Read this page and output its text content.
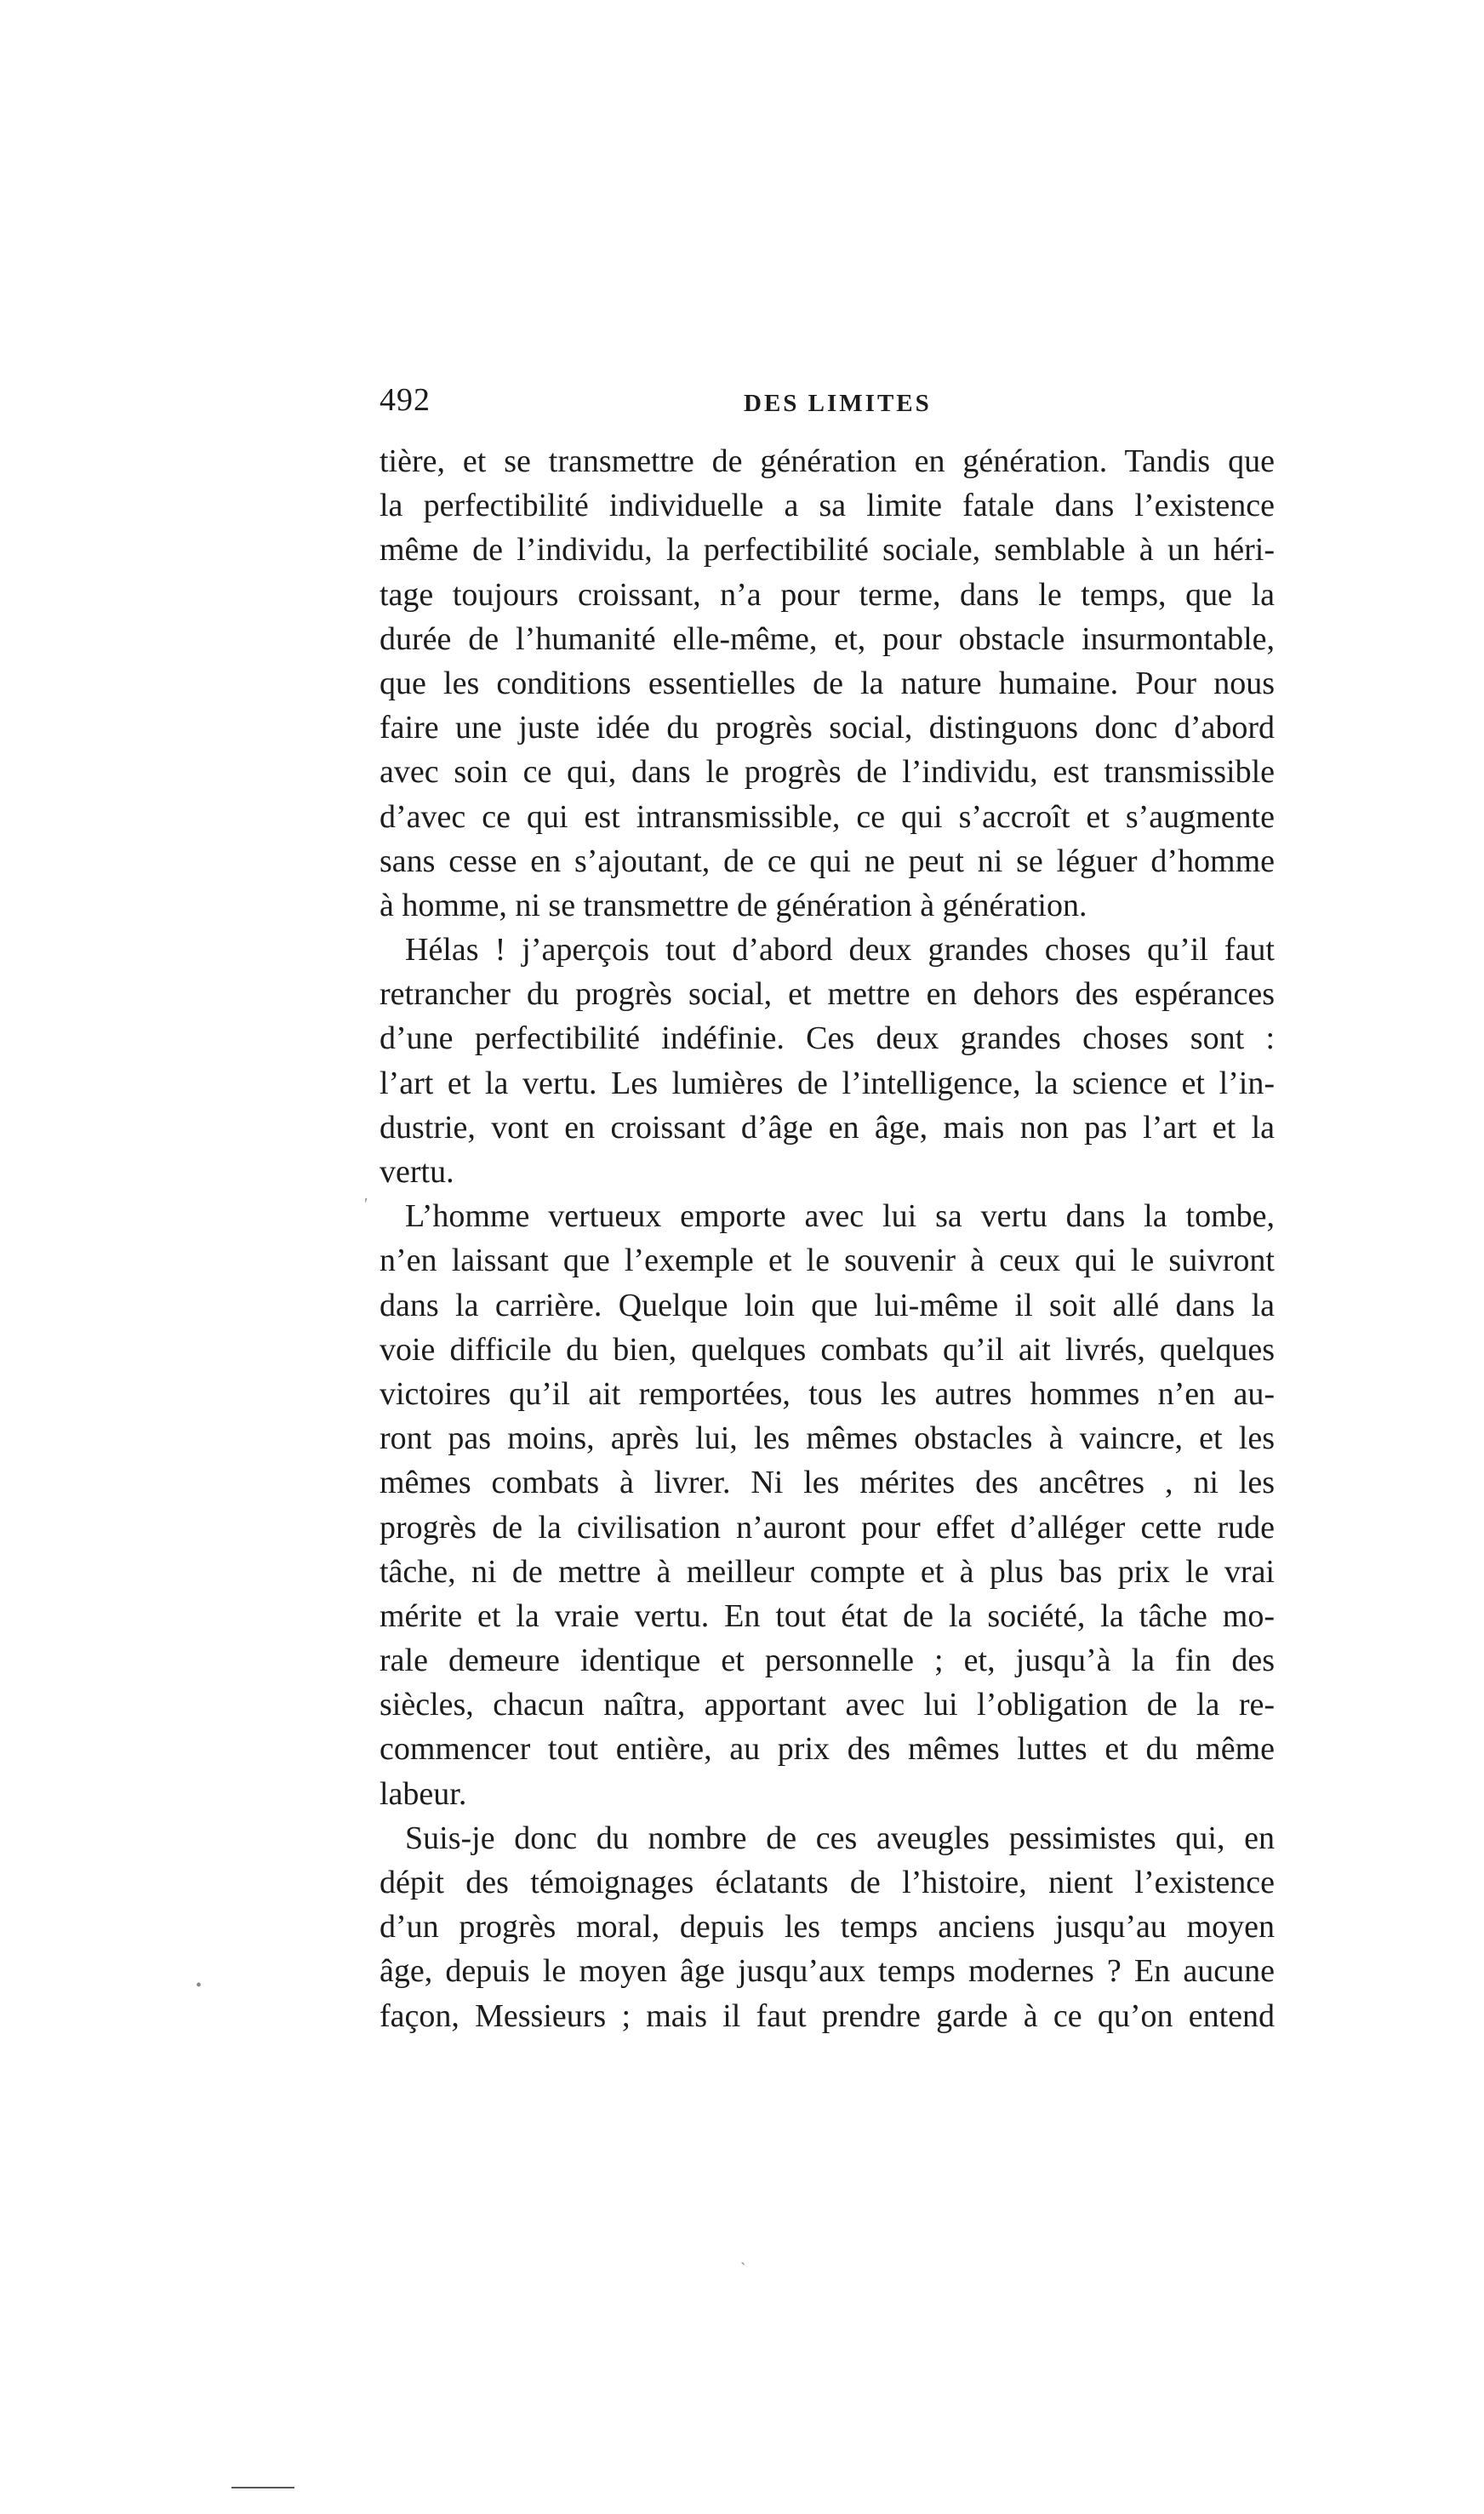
492	DES LIMITES

tière, et se transmettre de génération en génération. Tandis que
la perfectibilité individuelle a sa limite fatale dans l’existence
même de l’individu, la perfectibilité sociale, semblable à un héri-
tage toujours croissant, n’a pour terme, dans le temps, que la
durée de l’humanité elle-même, et, pour obstacle insurmontable,
que les conditions essentielles de la nature humaine. Pour nous
faire une juste idée du progrès social, distinguons donc d’abord
avec soin ce qui, dans le progrès de l’individu, est transmissible
d’avec ce qui est intransmissible, ce qui s’accroît et s’augmente
sans cesse en s’ajoutant, de ce qui ne peut ni se léguer d’homme
à homme, ni se transmettre de génération à génération.

Hélas ! j’aperçois tout d’abord deux grandes choses qu’il faut
retrancher du progrès social, et mettre en dehors des espérances
d’une perfectibilité indéfinie. Ces deux grandes choses sont :
l’art et la vertu. Les lumières de l’intelligence, la science et l’in-
dustrie, vont en croissant d’âge en âge, mais non pas l’art et la
vertu.

L’homme vertueux emporte avec lui sa vertu dans la tombe,
n’en laissant que l’exemple et le souvenir à ceux qui le suivront
dans la carrière. Quelque loin que lui-même il soit allé dans la
voie difficile du bien, quelques combats qu’il ait livrés, quelques
victoires qu’il ait remportées, tous les autres hommes n’en au-
ront pas moins, après lui, les mêmes obstacles à vaincre, et les
mêmes combats à livrer. Ni les mérites des ancêtres , ni les
progrès de la civilisation n’auront pour effet d’alléger cette rude
tâche, ni de mettre à meilleur compte et à plus bas prix le vrai
mérite et la vraie vertu. En tout état de la société, la tâche mo-
rale demeure identique et personnelle ; et, jusqu’à la fin des
siècles, chacun naîtra, apportant avec lui l’obligation de la re-
commencer tout entière, au prix des mêmes luttes et du même
labeur.

Suis-je donc du nombre de ces aveugles pessimistes qui, en
dépit des témoignages éclatants de l’histoire, nient l’existence
d’un progrès moral, depuis les temps anciens jusqu’au moyen
âge, depuis le moyen âge jusqu’aux temps modernes ? En aucune
façon, Messieurs ; mais il faut prendre garde à ce qu’on entend

′
•
ˎ
